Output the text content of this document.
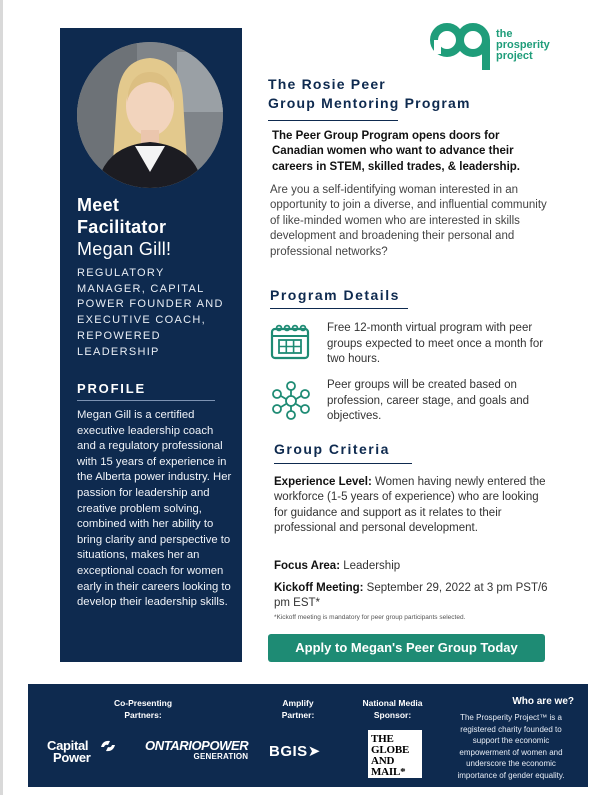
Meet
Facilitator
Megan Gill!
REGULATORY MANAGER, CAPITAL POWER FOUNDER AND EXECUTIVE COACH, REPOWERED LEADERSHIP
PROFILE
Megan Gill is a certified executive leadership coach and a regulatory professional with 15 years of experience in the Alberta power industry. Her passion for leadership and creative problem solving, combined with her ability to bring clarity and perspective to situations, makes her an exceptional coach for women early in their careers looking to develop their leadership skills.
the
prosperity
project
The Rosie Peer
Group Mentoring Program
The Peer Group Program opens doors for Canadian women who want to advance their careers in STEM, skilled trades, & leadership.
Are you a self-identifying woman interested in an opportunity to join a diverse, and influential community of like-minded women who are interested in skills development and broadening their personal and professional networks?
Program Details
Free 12-month virtual program with peer groups expected to meet once a month for two hours.
Peer groups will be created based on profession, career stage, and goals and objectives.
Group Criteria
Experience Level: Women having newly entered the workforce (1-5 years of experience) who are looking for guidance and support as it relates to their professional and personal development.
Focus Area: Leadership
Kickoff Meeting: September 29, 2022 at 3 pm PST/6 pm EST*
*Kickoff meeting is mandatory for peer group participants selected.
Apply to Megan's Peer Group Today
Co-Presenting Partners:
Amplify Partner:
National Media Sponsor:
Capital
Power
ONTARIOPOWER
GENERATION BGIS➤
THE
GLOBE
AND
MAIL*
Who are we?
The Prosperity Project™ is a registered charity founded to support the economic empowerment of women and underscore the economic importance of gender equality.
